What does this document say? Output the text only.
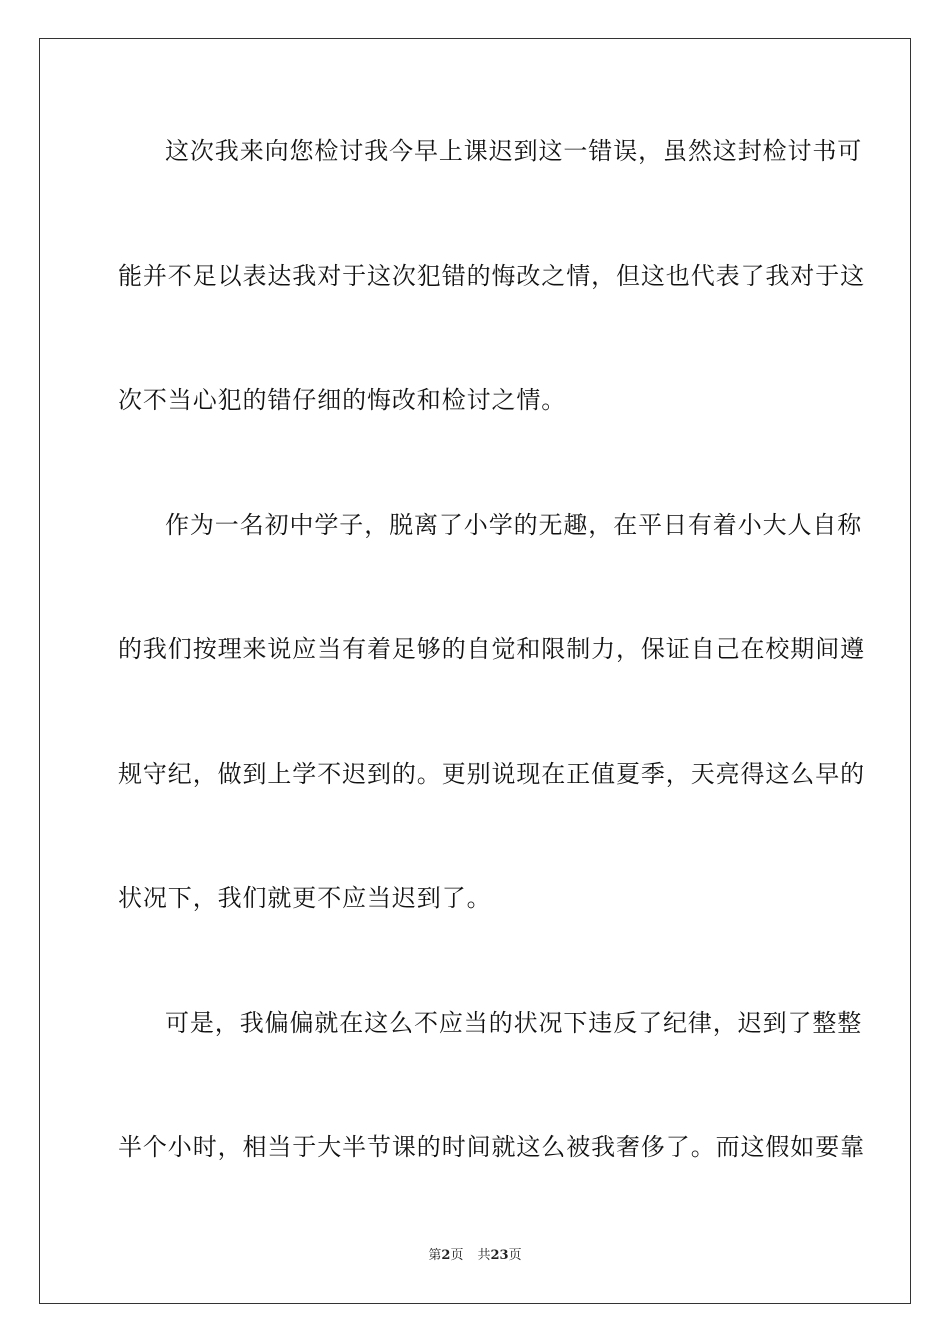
这次我来向您检讨我今早上课迟到这一错误，虽然这封检讨书可
能并不足以表达我对于这次犯错的悔改之情，但这也代表了我对于这
次不当心犯的错仔细的悔改和检讨之情。
作为一名初中学子，脱离了小学的无趣，在平日有着小大人自称
的我们按理来说应当有着足够的自觉和限制力，保证自己在校期间遵
规守纪，做到上学不迟到的。更别说现在正值夏季，天亮得这么早的
状况下，我们就更不应当迟到了。
可是，我偏偏就在这么不应当的状况下违反了纪律，迟到了整整
半个小时，相当于大半节课的时间就这么被我奢侈了。而这假如要靠
第2页 共23页
